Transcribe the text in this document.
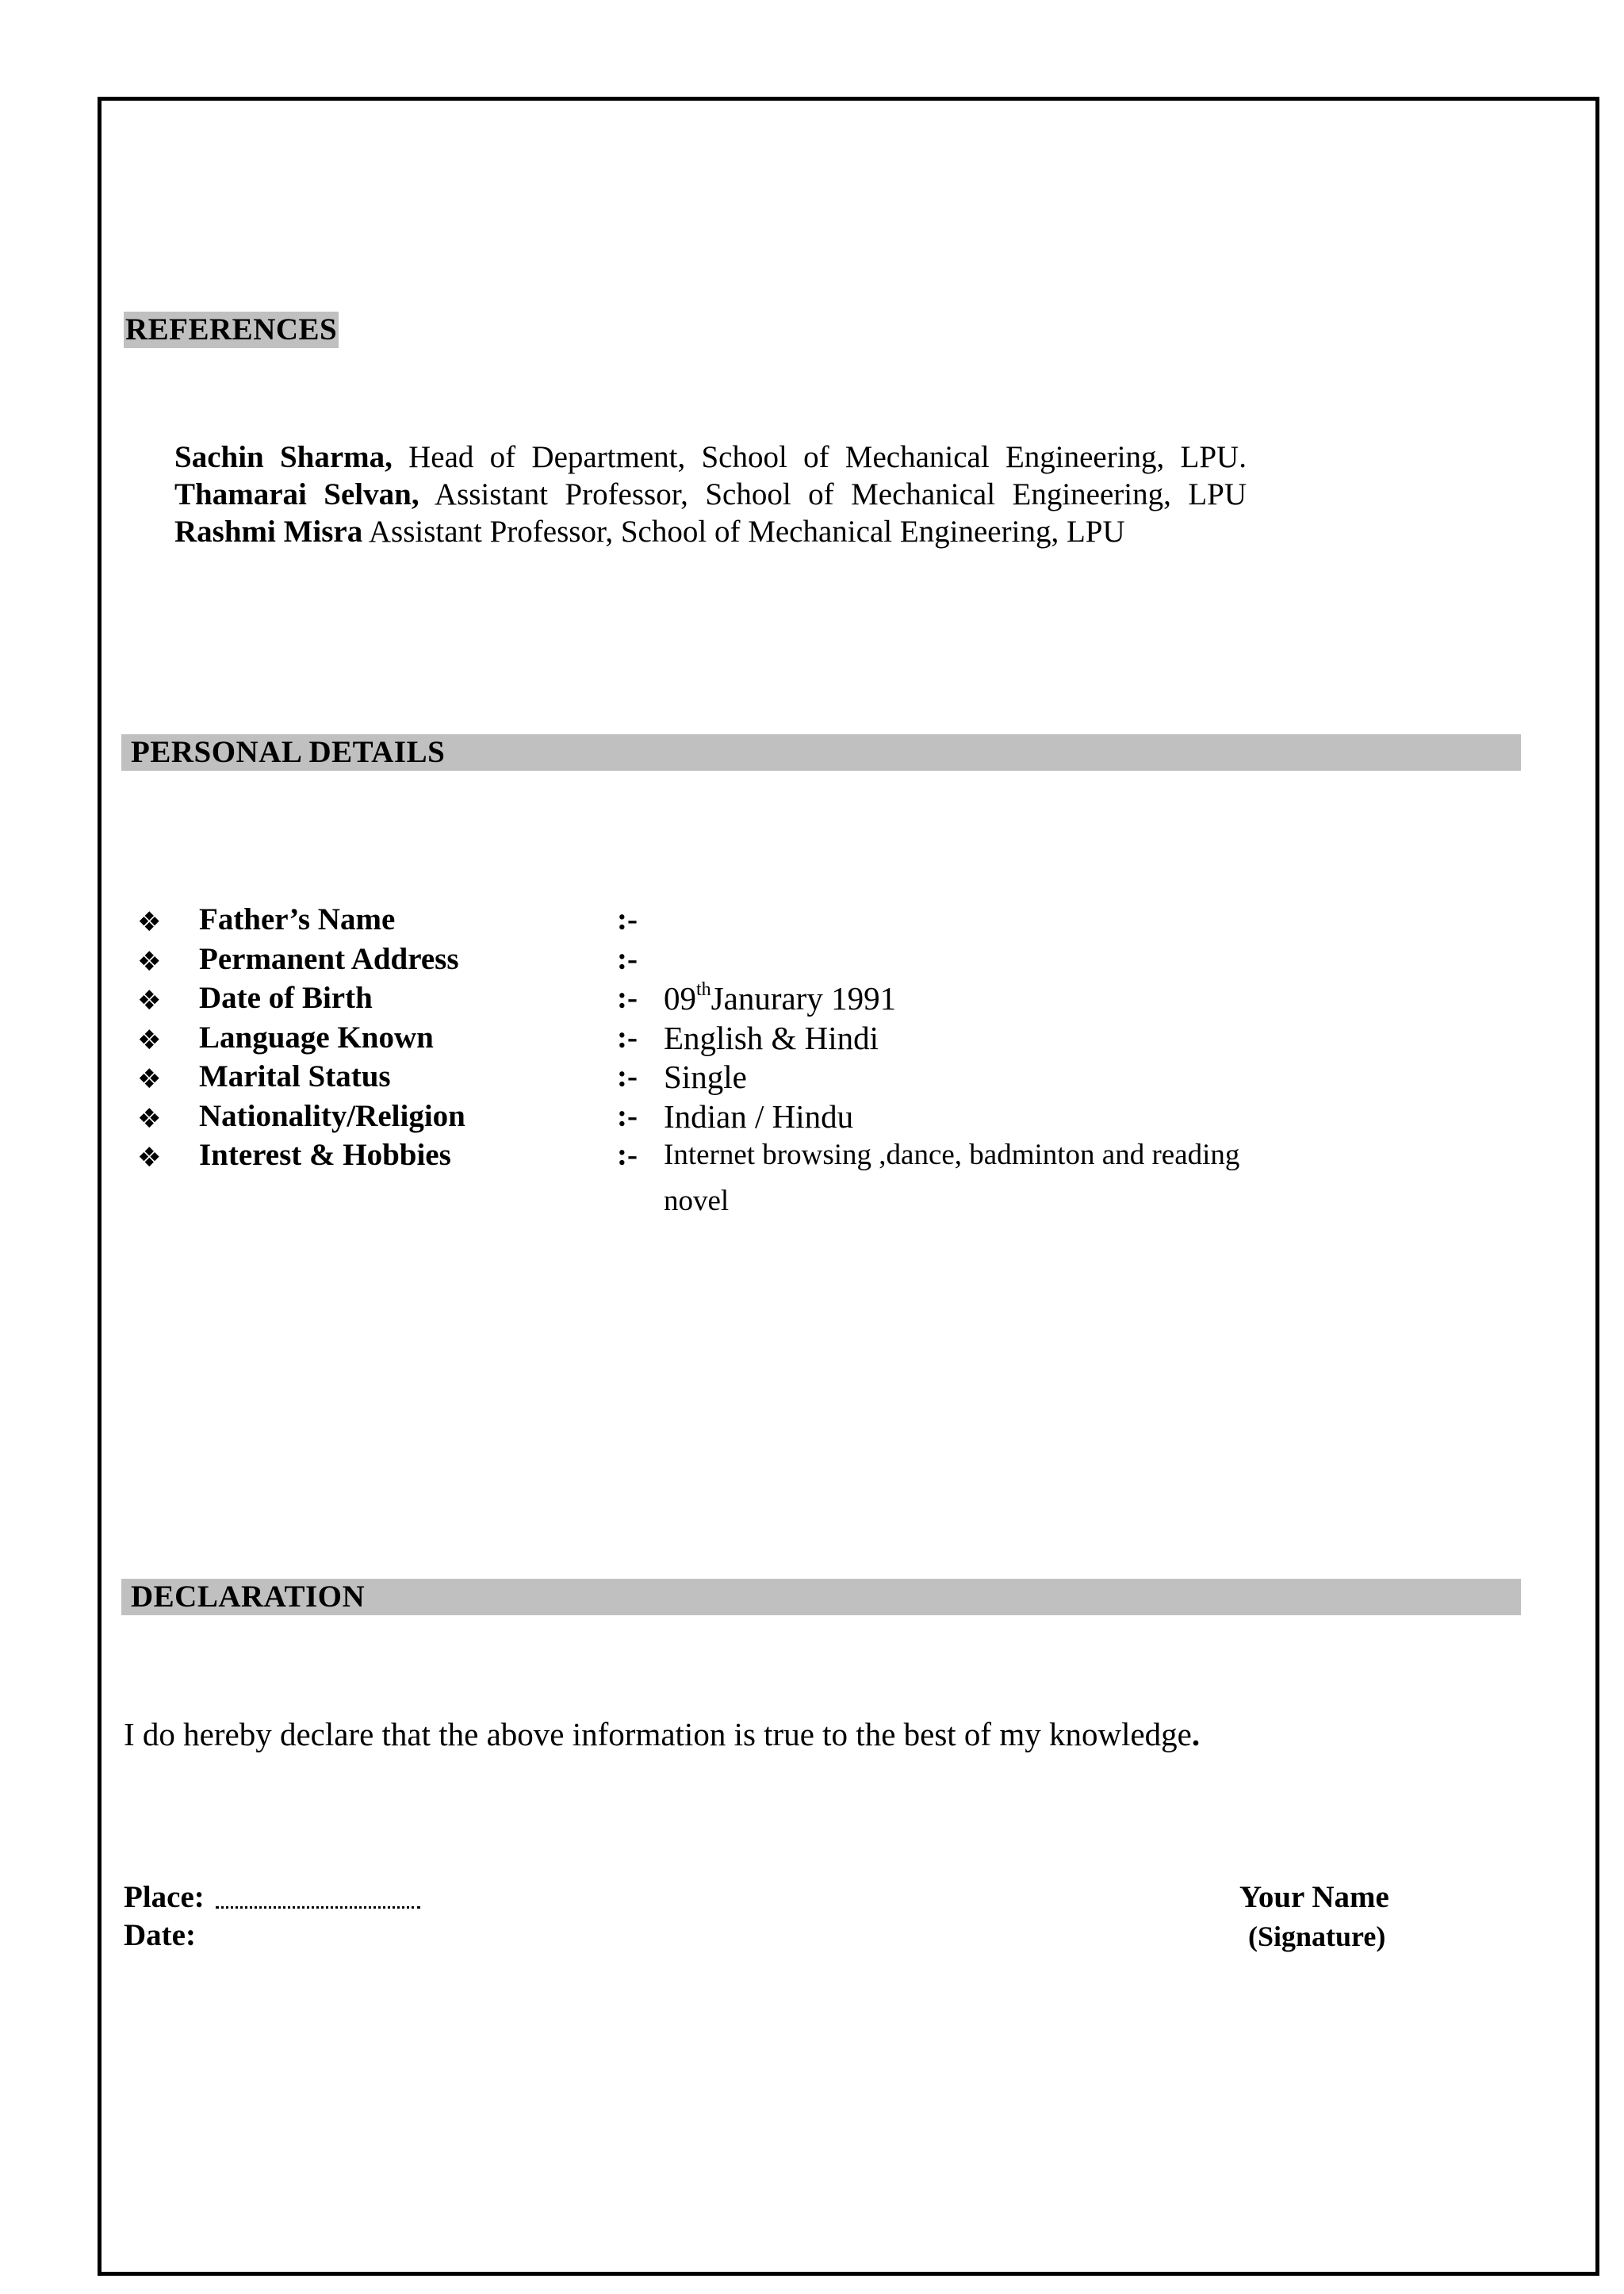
REFERENCES
Sachin Sharma, Head of Department, School of Mechanical Engineering, LPU. Thamarai Selvan, Assistant Professor, School of Mechanical Engineering, LPU Rashmi Misra Assistant Professor, School of Mechanical Engineering, LPU
PERSONAL DETAILS
❖ Father’s Name	:-
❖ Permanent Address	:-
❖ Date of Birth	:- 09thJanurary 1991
❖ Language Known	:- English & Hindi
❖ Marital Status	:- Single
❖ Nationality/Religion	:- Indian / Hindu
❖ Interest & Hobbies	:- Internet browsing ,dance, badminton and reading
novel
DECLARATION
I do hereby declare that the above information is true to the best of my knowledge.
Place:
Date:
Your Name
(Signature)
